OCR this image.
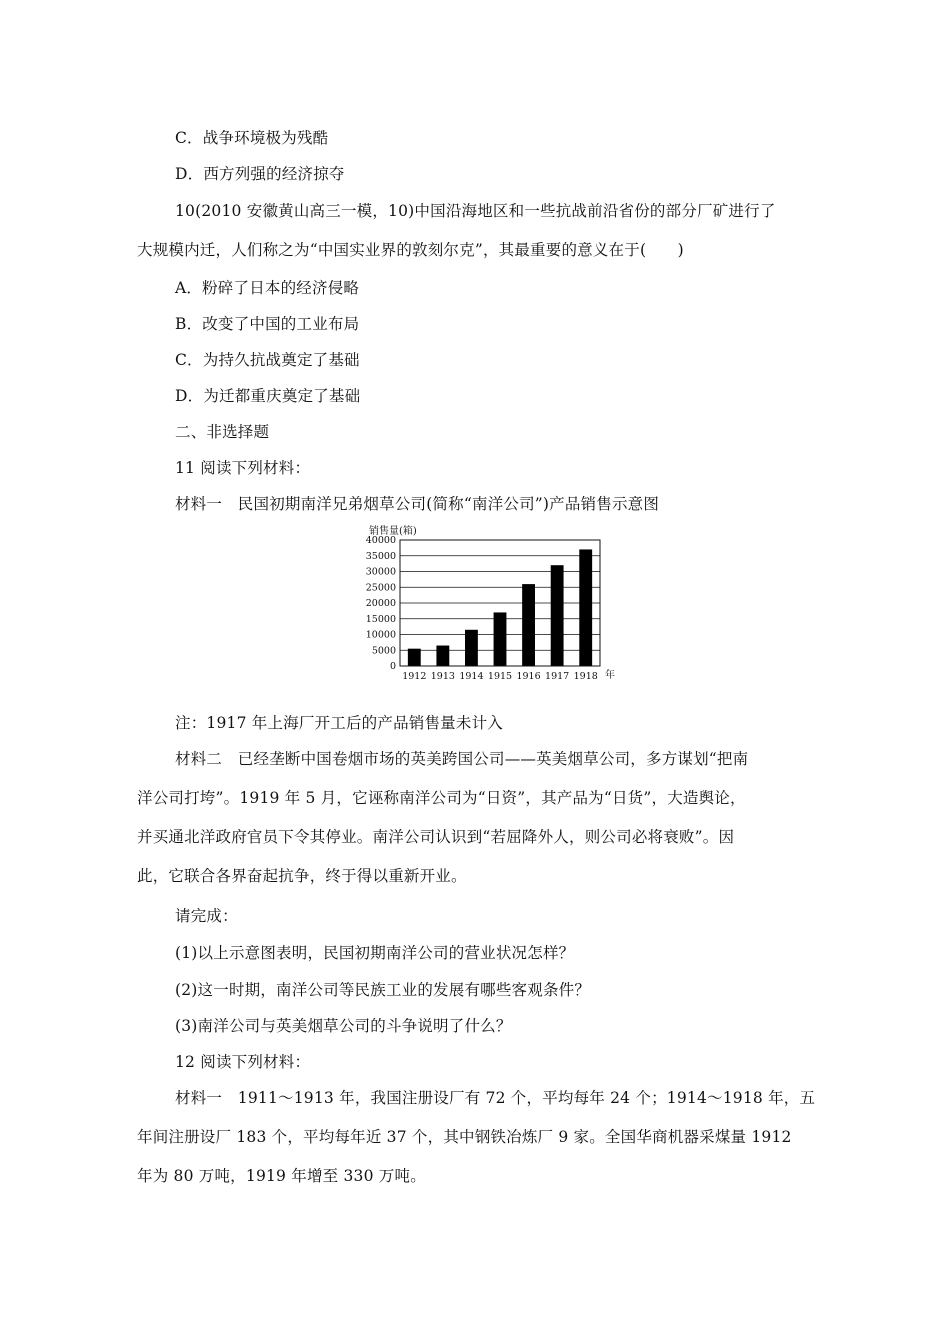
C．战争环境极为残酷
D．西方列强的经济掠夺
10(2010 安徽黄山高三一模，10)中国沿海地区和一些抗战前沿省份的部分厂矿进行了
大规模内迁，人们称之为“中国实业界的敦刻尔克”，其最重要的意义在于(　　)
A．粉碎了日本的经济侵略
B．改变了中国的工业布局
C．为持久抗战奠定了基础
D．为迁都重庆奠定了基础
二、非选择题
11 阅读下列材料：
材料一　民国初期南洋兄弟烟草公司(简称“南洋公司”)产品销售示意图
销售量(箱)
0
5000
10000
15000
20000
25000
30000
35000
40000
1912 1913 1914 1915 1916 1917 1918 年
注：1917 年上海厂开工后的产品销售量未计入
材料二　已经垄断中国卷烟市场的英美跨国公司——英美烟草公司，多方谋划“把南
洋公司打垮”。1919 年 5 月，它诬称南洋公司为“日资”，其产品为“日货”，大造舆论，
并买通北洋政府官员下令其停业。南洋公司认识到“若屈降外人，则公司必将衰败”。因
此，它联合各界奋起抗争，终于得以重新开业。
请完成：
(1)以上示意图表明，民国初期南洋公司的营业状况怎样？
(2)这一时期，南洋公司等民族工业的发展有哪些客观条件？
(3)南洋公司与英美烟草公司的斗争说明了什么？
12 阅读下列材料：
材料一　1911～1913 年，我国注册设厂有 72 个，平均每年 24 个；1914～1918 年，五
年间注册设厂 183 个，平均每年近 37 个，其中钢铁冶炼厂 9 家。全国华商机器采煤量 1912
年为 80 万吨，1919 年增至 330 万吨。
